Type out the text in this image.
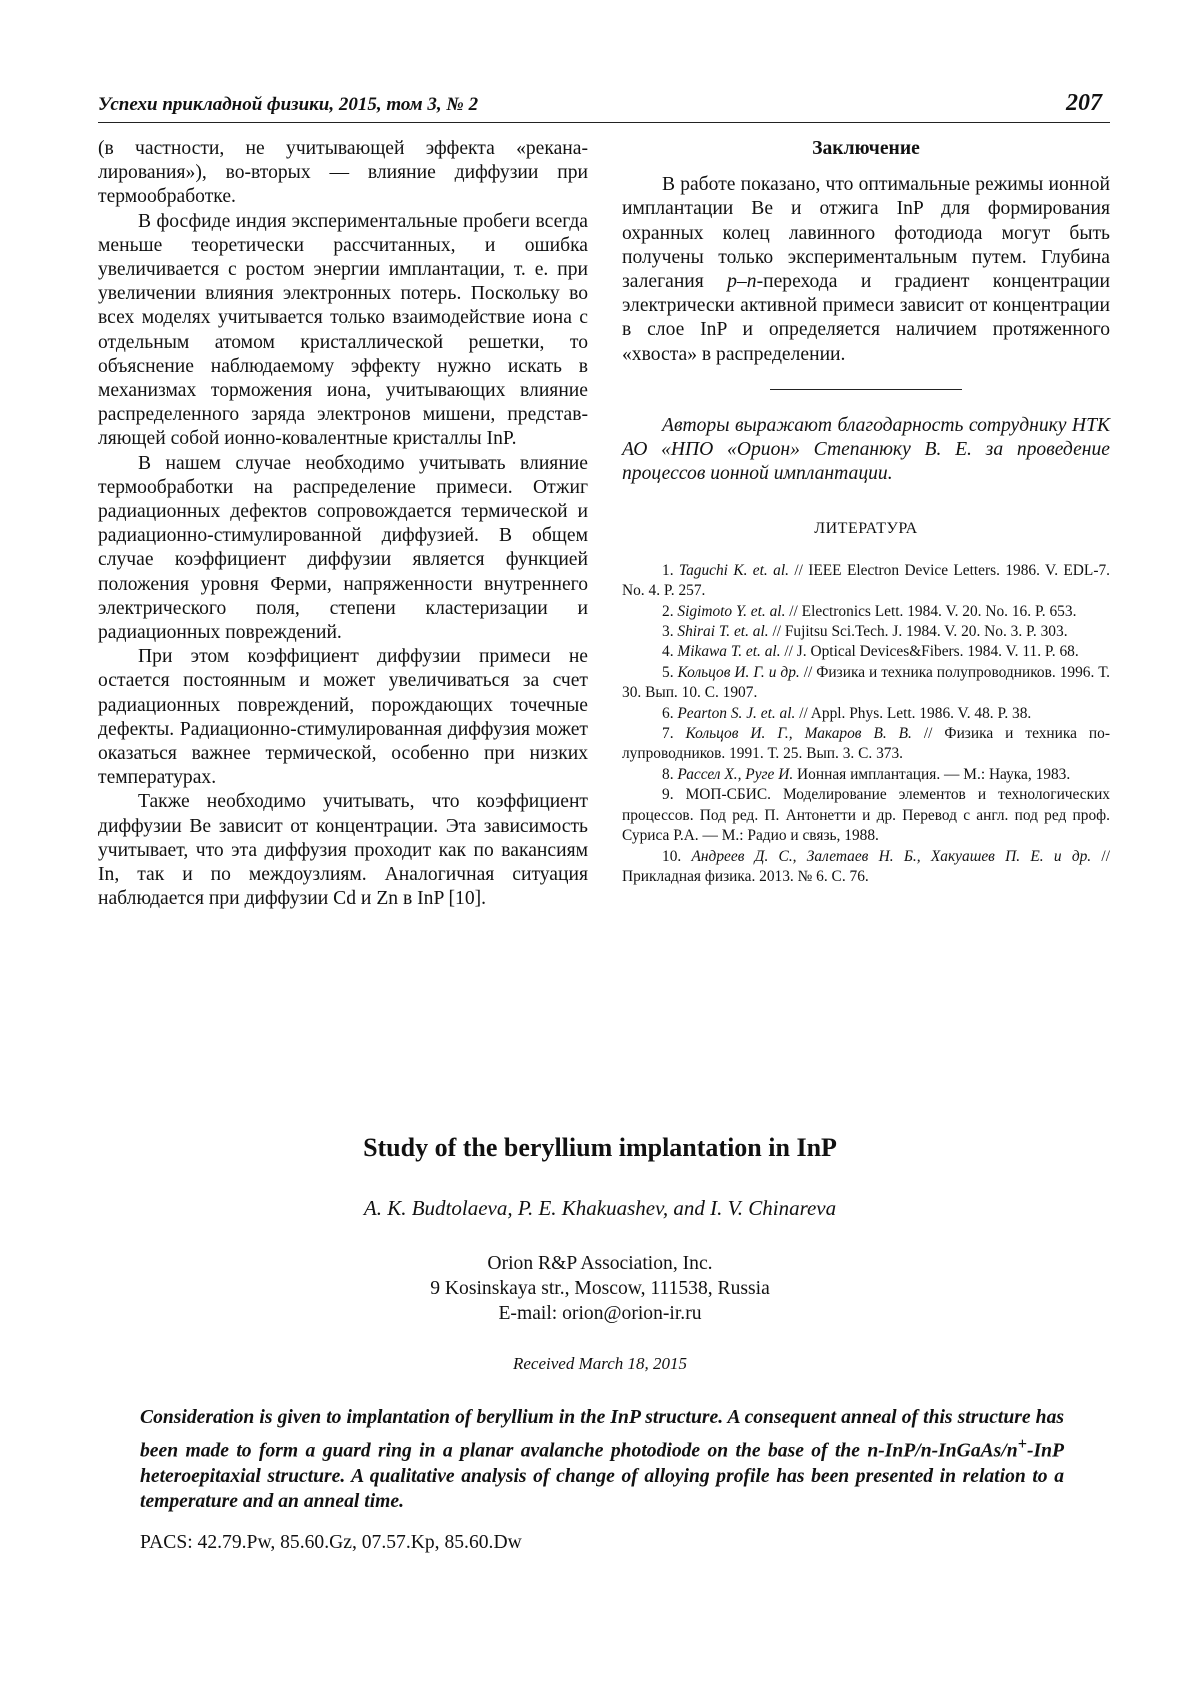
Успехи прикладной физики, 2015, том 3, № 2	207

(в частности, не учитывающей эффекта «реканалирования»), во-вторых — влияние диффузии при термообработке.

В фосфиде индия экспериментальные пробеги всегда меньше теоретически рассчитанных, и ошибка увеличивается с ростом энергии имплантации, т. е. при увеличении влияния электронных потерь. Поскольку во всех моделях учитывается только взаимодействие иона с отдельным атомом кристаллической решетки, то объяснение наблюдаемому эффекту нужно искать в механизмах торможения иона, учитывающих влияние распределенного заряда электронов мишени, представляющей собой ионно-ковалентные кристаллы InP.

В нашем случае необходимо учитывать влияние термообработки на распределение примеси. Отжиг радиационных дефектов сопровождается термической и радиационно-стимулированной диффузией. В общем случае коэффициент диффузии является функцией положения уровня Ферми, напряженности внутреннего электрического поля, степени кластеризации и радиационных повреждений.

При этом коэффициент диффузии примеси не остается постоянным и может увеличиваться за счет радиационных повреждений, порождающих точечные дефекты. Радиационно-стимулированная диффузия может оказаться важнее термической, особенно при низких температурах.

Также необходимо учитывать, что коэффициент диффузии Be зависит от концентрации. Эта зависимость учитывает, что эта диффузия проходит как по вакансиям In, так и по междоузлиям. Аналогичная ситуация наблюдается при диффузии Cd и Zn в InP [10].

Заключение

В работе показано, что оптимальные режимы ионной имплантации Be и отжига InP для формирования охранных колец лавинного фотодиода могут быть получены только экспериментальным путем. Глубина залегания p–n-перехода и градиент концентрации электрически активной примеси зависит от концентрации в слое InP и определяется наличием протяженного «хвоста» в распределении.

Авторы выражают благодарность сотруднику НТК АО «НПО «Орион» Степанюку В. Е. за проведение процессов ионной имплантации.

ЛИТЕРАТУРА

1. Taguchi K. et. al. // IEEE Electron Device Letters. 1986. V. EDL-7. No. 4. P. 257.

2. Sigimoto Y. et. al. // Electronics Lett. 1984. V. 20. No. 16. P. 653.

3. Shirai T. et. al. // Fujitsu Sci.Tech. J. 1984. V. 20. No. 3. P. 303.

4. Mikawa T. et. al. // J. Optical Devices&Fibers. 1984. V. 11. P. 68.

5. Кольцов И. Г. и др. // Физика и техника полупроводников. 1996. Т. 30. Вып. 10. С. 1907.

6. Pearton S. J. et. al. // Appl. Phys. Lett. 1986. V. 48. P. 38.

7. Кольцов И. Г., Макаров В. В. // Физика и техника полупроводников. 1991. Т. 25. Вып. 3. С. 373.

8. Рассел Х., Руге И. Ионная имплантация. — М.: Наука, 1983.

9. МОП-СБИС. Моделирование элементов и технологических процессов. Под ред. П. Антонетти и др. Перевод с англ. под ред проф. Суриса Р.А. — М.: Радио и связь, 1988.

10. Андреев Д. С., Залетаев Н. Б., Хакуашев П. Е. и др. // Прикладная физика. 2013. № 6. С. 76.

Study of the beryllium implantation in InP
A. K. Budtolaeva, P. E. Khakuashev, and I. V. Chinareva
Orion R&P Association, Inc.
9 Kosinskaya str., Moscow, 111538, Russia
E-mail: orion@orion-ir.ru
Received March 18, 2015
Consideration is given to implantation of beryllium in the InP structure. A consequent anneal of this structure has been made to form a guard ring in a planar avalanche photodiode on the base of the n-InP/n-InGaAs/n+-InP heteroepitaxial structure. A qualitative analysis of change of alloying profile has been presented in relation to a temperature and an anneal time.
PACS: 42.79.Pw, 85.60.Gz, 07.57.Kp, 85.60.Dw
